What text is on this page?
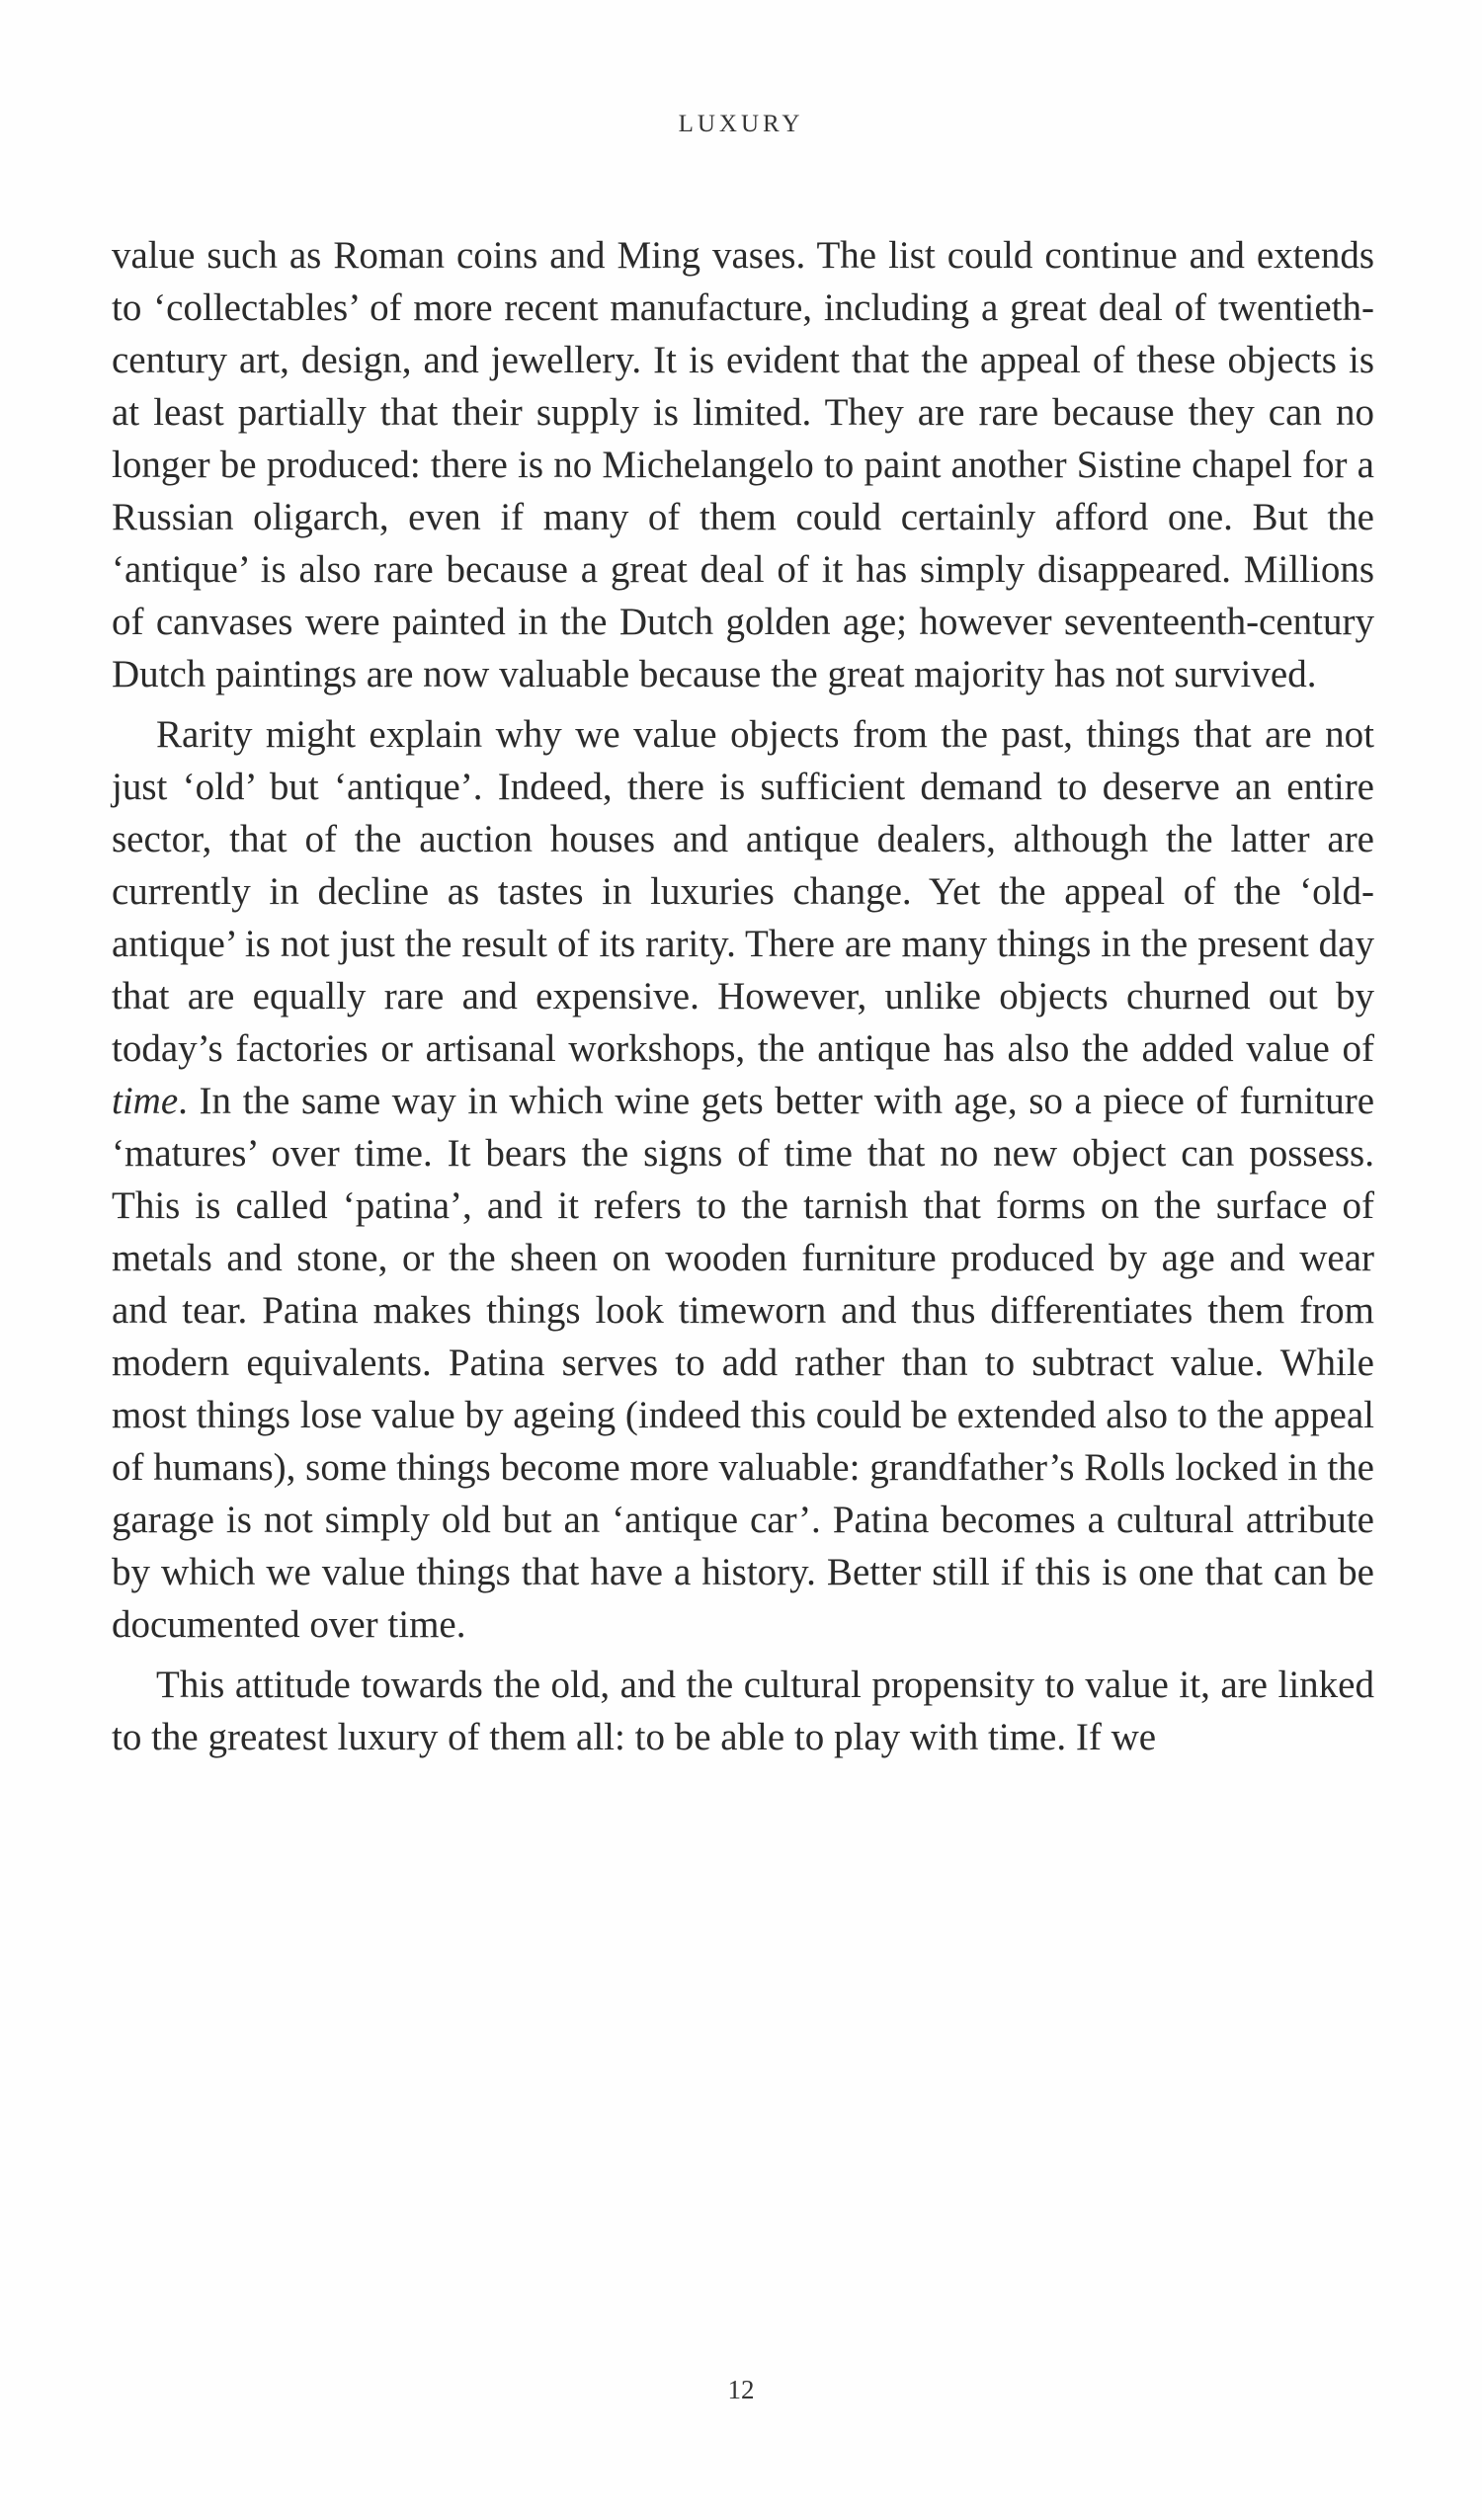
LUXURY

value such as Roman coins and Ming vases. The list could continue and extends to ‘collectables’ of more recent manufacture, including a great deal of twentieth-century art, design, and jewellery. It is evident that the appeal of these objects is at least partially that their supply is limited. They are rare because they can no longer be produced: there is no Michelangelo to paint another Sistine chapel for a Russian oligarch, even if many of them could certainly afford one. But the ‘antique’ is also rare because a great deal of it has simply disappeared. Millions of canvases were painted in the Dutch golden age; however seventeenth-century Dutch paintings are now valuable because the great majority has not survived.

Rarity might explain why we value objects from the past, things that are not just ‘old’ but ‘antique’. Indeed, there is sufficient demand to deserve an entire sector, that of the auction houses and antique dealers, although the latter are currently in decline as tastes in luxuries change. Yet the appeal of the ‘old-antique’ is not just the result of its rarity. There are many things in the present day that are equally rare and expensive. However, unlike objects churned out by today’s factories or artisanal workshops, the antique has also the added value of time. In the same way in which wine gets better with age, so a piece of furniture ‘matures’ over time. It bears the signs of time that no new object can possess. This is called ‘patina’, and it refers to the tarnish that forms on the surface of metals and stone, or the sheen on wooden furniture produced by age and wear and tear. Patina makes things look timeworn and thus differentiates them from modern equivalents. Patina serves to add rather than to subtract value. While most things lose value by ageing (indeed this could be extended also to the appeal of humans), some things become more valuable: grandfather’s Rolls locked in the garage is not simply old but an ‘antique car’. Patina becomes a cultural attribute by which we value things that have a history. Better still if this is one that can be documented over time.

This attitude towards the old, and the cultural propensity to value it, are linked to the greatest luxury of them all: to be able to play with time. If we

12
